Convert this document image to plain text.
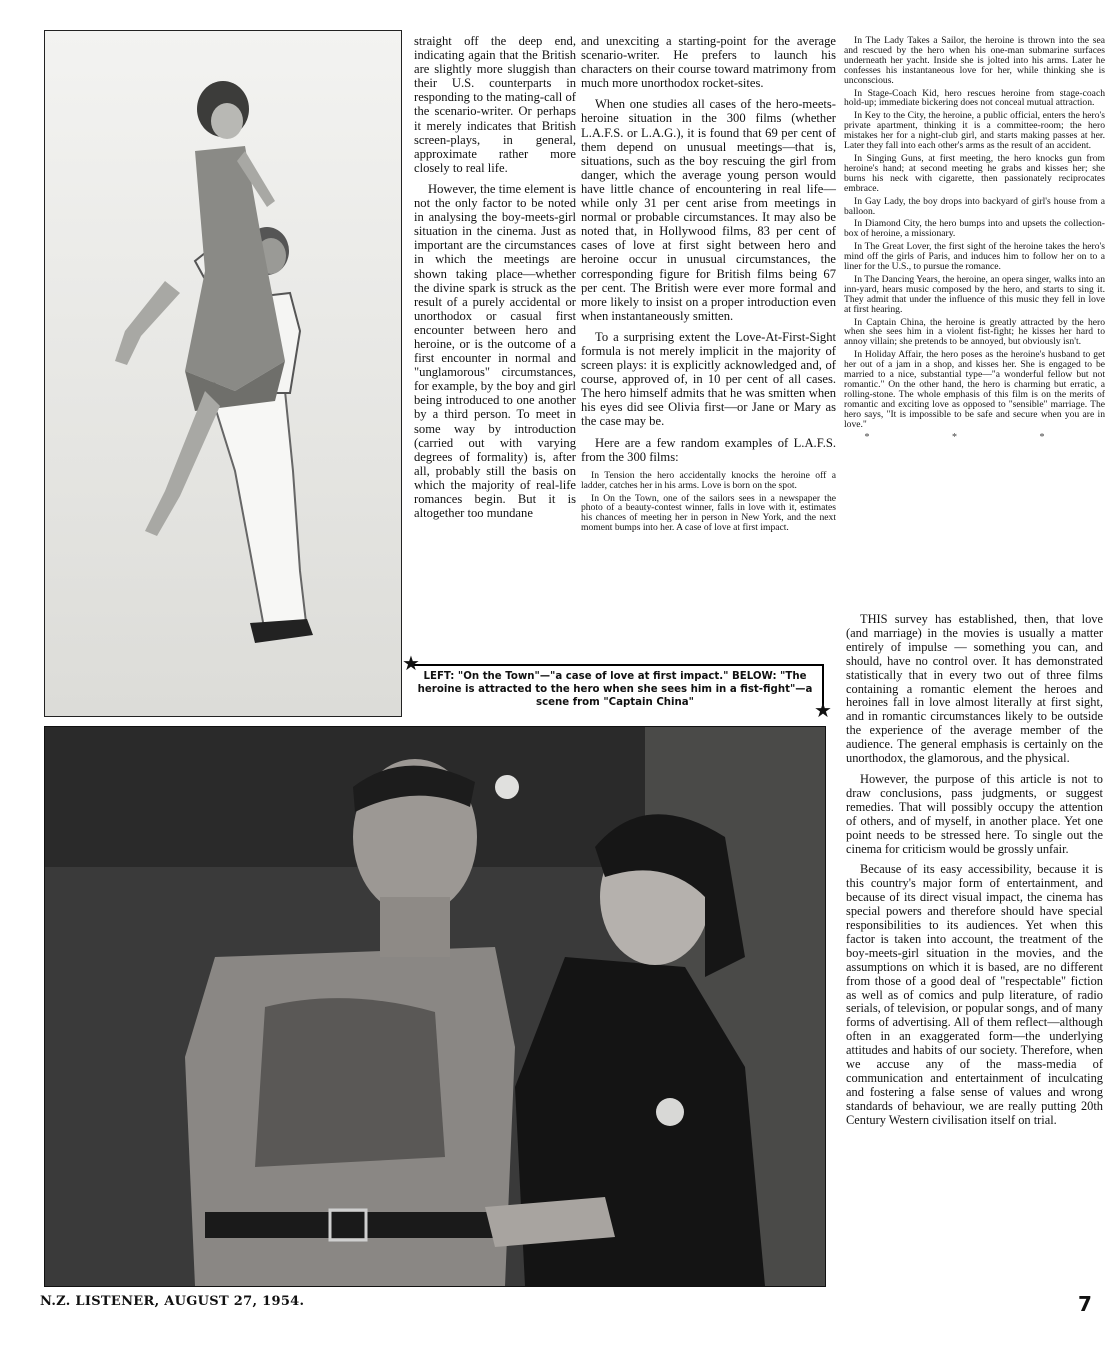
straight off the deep end, indicating again that the British are slightly more sluggish than their U.S. counterparts in responding to the mating-call of the scenario-writer. Or perhaps it merely indicates that British screen-plays, in general, approximate rather more closely to real life.

However, the time element is not the only factor to be noted in analysing the boy-meets-girl situation in the cinema. Just as important are the circumstances in which the meetings are shown taking place—whether the divine spark is struck as the result of a purely accidental or unorthodox or casual first encounter between hero and heroine, or is the outcome of a first encounter in normal and "unglamorous" circumstances, for example, by the boy and girl being introduced to one another by a third person. To meet in some way by introduction (carried out with varying degrees of formality) is, after all, probably still the basis on which the majority of real-life romances begin. But it is altogether too mundane

and unexciting a starting-point for the average scenario-writer. He prefers to launch his characters on their course toward matrimony from much more unorthodox rocket-sites.

When one studies all cases of the hero-meets-heroine situation in the 300 films (whether L.A.F.S. or L.A.G.), it is found that 69 per cent of them depend on unusual meetings—that is, situations, such as the boy rescuing the girl from danger, which the average young person would have little chance of encountering in real life—while only 31 per cent arise from meetings in normal or probable circumstances. It may also be noted that, in Hollywood films, 83 per cent of cases of love at first sight between hero and heroine occur in unusual circumstances, the corresponding figure for British films being 67 per cent. The British were ever more formal and more likely to insist on a proper introduction even when instantaneously smitten.

To a surprising extent the Love-At-First-Sight formula is not merely implicit in the majority of screen plays: it is explicitly acknowledged and, of course, approved of, in 10 per cent of all cases. The hero himself admits that he was smitten when his eyes did see Olivia first—or Jane or Mary as the case may be.

Here are a few random examples of L.A.F.S. from the 300 films:

In Tension the hero accidentally knocks the heroine off a ladder, catches her in his arms. Love is born on the spot.

In On the Town, one of the sailors sees in a newspaper the photo of a beauty-contest winner, falls in love with it, estimates his chances of meeting her in person in New York, and the next moment bumps into her. A case of love at first impact.

In The Lady Takes a Sailor, the heroine is thrown into the sea and rescued by the hero when his one-man submarine surfaces underneath her yacht. Inside she is jolted into his arms. Later he confesses his instantaneous love for her, while thinking she is unconscious.

In Stage-Coach Kid, hero rescues heroine from stage-coach hold-up; immediate bickering does not conceal mutual attraction.

In Key to the City, the heroine, a public official, enters the hero's private apartment, thinking it is a committee-room; the hero mistakes her for a night-club girl, and starts making passes at her. Later they fall into each other's arms as the result of an accident.

In Singing Guns, at first meeting, the hero knocks gun from heroine's hand; at second meeting he grabs and kisses her; she burns his neck with cigarette, then passionately reciprocates embrace.

In Gay Lady, the boy drops into backyard of girl's house from a balloon.

In Diamond City, the hero bumps into and upsets the collection-box of heroine, a missionary.

In The Great Lover, the first sight of the heroine takes the hero's mind off the girls of Paris, and induces him to follow her on to a liner for the U.S., to pursue the romance.

In The Dancing Years, the heroine, an opera singer, walks into an inn-yard, hears music composed by the hero, and starts to sing it. They admit that under the influence of this music they fell in love at first hearing.

In Captain China, the heroine is greatly attracted by the hero when she sees him in a violent fist-fight; he kisses her hard to annoy villain; she pretends to be annoyed, but obviously isn't.

In Holiday Affair, the hero poses as the heroine's husband to get her out of a jam in a shop, and kisses her. She is engaged to be married to a nice, substantial type—"a wonderful fellow but not romantic." On the other hand, the hero is charming but erratic, a rolling-stone. The whole emphasis of this film is on the merits of romantic and exciting love as opposed to "sensible" marriage. The hero says, "It is impossible to be safe and secure when you are in love."

* * *

THIS survey has established, then, that love (and marriage) in the movies is usually a matter entirely of impulse — something you can, and should, have no control over. It has demonstrated statistically that in every two out of three films containing a romantic element the heroes and heroines fall in love almost literally at first sight, and in romantic circumstances likely to be outside the experience of the average member of the audience. The general emphasis is certainly on the unorthodox, the glamorous, and the physical.

However, the purpose of this article is not to draw conclusions, pass judgments, or suggest remedies. That will possibly occupy the attention of others, and of myself, in another place. Yet one point needs to be stressed here. To single out the cinema for criticism would be grossly unfair.

Because of its easy accessibility, because it is this country's major form of entertainment, and because of its direct visual impact, the cinema has special powers and therefore should have special responsibilities to its audiences. Yet when this factor is taken into account, the treatment of the boy-meets-girl situation in the movies, and the assumptions on which it is based, are no different from those of a good deal of "respectable" fiction as well as of comics and pulp literature, of radio serials, of television, or popular songs, and of many forms of advertising. All of them reflect—although often in an exaggerated form—the underlying attitudes and habits of our society. Therefore, when we accuse any of the mass-media of communication and entertainment of inculcating and fostering a false sense of values and wrong standards of behaviour, we are really putting 20th Century Western civilisation itself on trial.

★
★
LEFT: "On the Town"—"a case of love at first impact." BELOW: "The heroine is attracted to the hero when she sees him in a fist-fight"—a scene from "Captain China"
N.Z. LISTENER, AUGUST 27, 1954.	7
